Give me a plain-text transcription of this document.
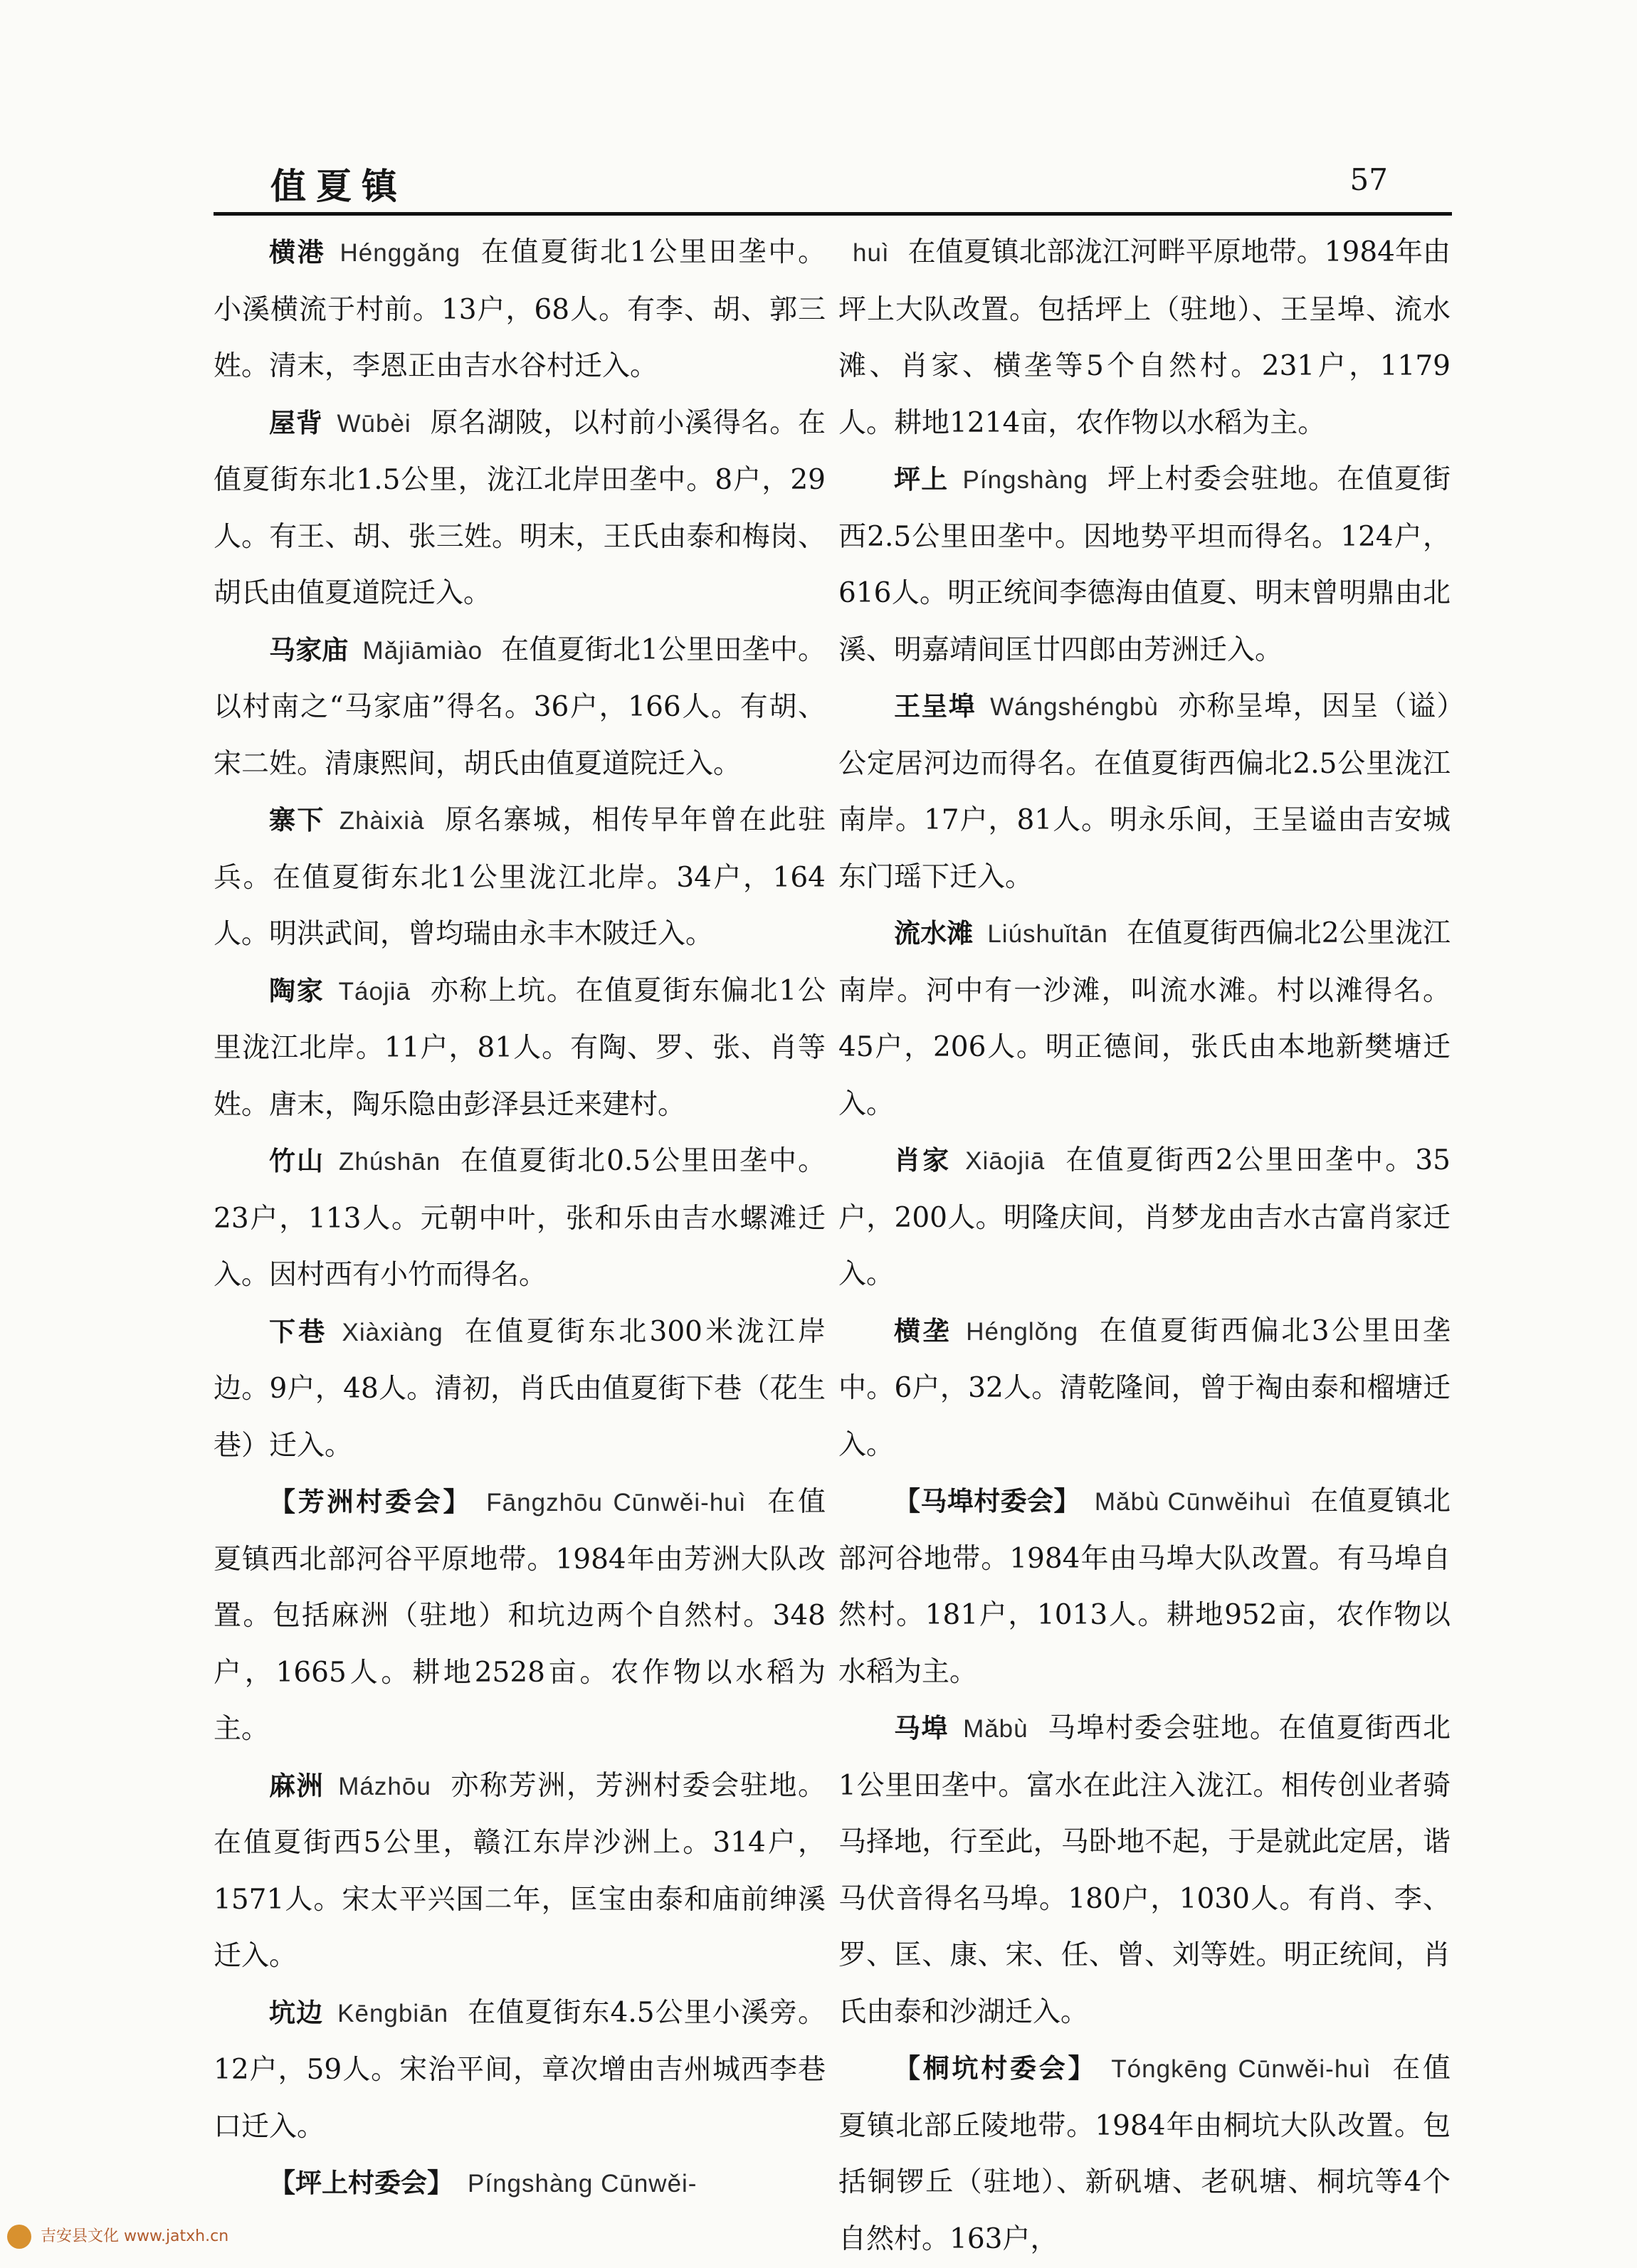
值夏镇	57

横港 Hénggǎng 在值夏街北1公里田垄中。小溪横流于村前。13户，68人。有李、胡、郭三姓。清末，李恩正由吉水谷村迁入。

屋背 Wūbèi 原名湖陂，以村前小溪得名。在值夏街东北1.5公里，泷江北岸田垄中。8户，29人。有王、胡、张三姓。明末，王氏由泰和梅岗、胡氏由值夏道院迁入。

马家庙 Mǎjiāmiào 在值夏街北1公里田垄中。以村南之“马家庙”得名。36户，166人。有胡、宋二姓。清康熙间，胡氏由值夏道院迁入。

寨下 Zhàixià 原名寨城，相传早年曾在此驻兵。在值夏街东北1公里泷江北岸。34户，164人。明洪武间，曾均瑞由永丰木陂迁入。

陶家 Táojiā 亦称上坑。在值夏街东偏北1公里泷江北岸。11户，81人。有陶、罗、张、肖等姓。唐末，陶乐隐由彭泽县迁来建村。

竹山 Zhúshān 在值夏街北0.5公里田垄中。23户，113人。元朝中叶，张和乐由吉水螺滩迁入。因村西有小竹而得名。

下巷 Xiàxiàng 在值夏街东北300米泷江岸边。9户，48人。清初，肖氏由值夏街下巷（花生巷）迁入。

【芳洲村委会】 Fāngzhōu Cūnwěi-huì 在值夏镇西北部河谷平原地带。1984年由芳洲大队改置。包括麻洲（驻地）和坑边两个自然村。348户，1665人。耕地2528亩。农作物以水稻为主。

麻洲 Mázhōu 亦称芳洲，芳洲村委会驻地。在值夏街西5公里，赣江东岸沙洲上。314户，1571人。宋太平兴国二年，匡宝由泰和庙前绅溪迁入。

坑边 Kēngbiān 在值夏街东4.5公里小溪旁。12户，59人。宋治平间，章次增由吉州城西李巷口迁入。

【坪上村委会】 Píngshàng Cūnwěi-

huì 在值夏镇北部泷江河畔平原地带。1984年由坪上大队改置。包括坪上（驻地）、王呈埠、流水滩、肖家、横垄等5个自然村。231户，1179人。耕地1214亩，农作物以水稻为主。

坪上 Píngshàng 坪上村委会驻地。在值夏街西2.5公里田垄中。因地势平坦而得名。124户，616人。明正统间李德海由值夏、明末曾明鼎由北溪、明嘉靖间匡廿四郎由芳洲迁入。

王呈埠 Wángshéngbù 亦称呈埠，因呈（谥）公定居河边而得名。在值夏街西偏北2.5公里泷江南岸。17户，81人。明永乐间，王呈谥由吉安城东门瑶下迁入。

流水滩 Liúshuǐtān 在值夏街西偏北2公里泷江南岸。河中有一沙滩，叫流水滩。村以滩得名。45户，206人。明正德间，张氏由本地新樊塘迁入。

肖家 Xiāojiā 在值夏街西2公里田垄中。35户，200人。明隆庆间，肖梦龙由吉水古富肖家迁入。

横垄 Hénglǒng 在值夏街西偏北3公里田垄中。6户，32人。清乾隆间，曾于祹由泰和榴塘迁入。

【马埠村委会】 Mǎbù Cūnwěihuì 在值夏镇北部河谷地带。1984年由马埠大队改置。有马埠自然村。181户，1013人。耕地952亩，农作物以水稻为主。

马埠 Mǎbù 马埠村委会驻地。在值夏街西北1公里田垄中。富水在此注入泷江。相传创业者骑马择地，行至此，马卧地不起，于是就此定居，谐马伏音得名马埠。180户，1030人。有肖、李、罗、匡、康、宋、任、曾、刘等姓。明正统间，肖氏由泰和沙湖迁入。

【桐坑村委会】 Tóngkēng Cūnwěi-huì 在值夏镇北部丘陵地带。1984年由桐坑大队改置。包括铜锣丘（驻地）、新矾塘、老矾塘、桐坑等4个自然村。163户，

吉安县文化 www.jatxh.cn
